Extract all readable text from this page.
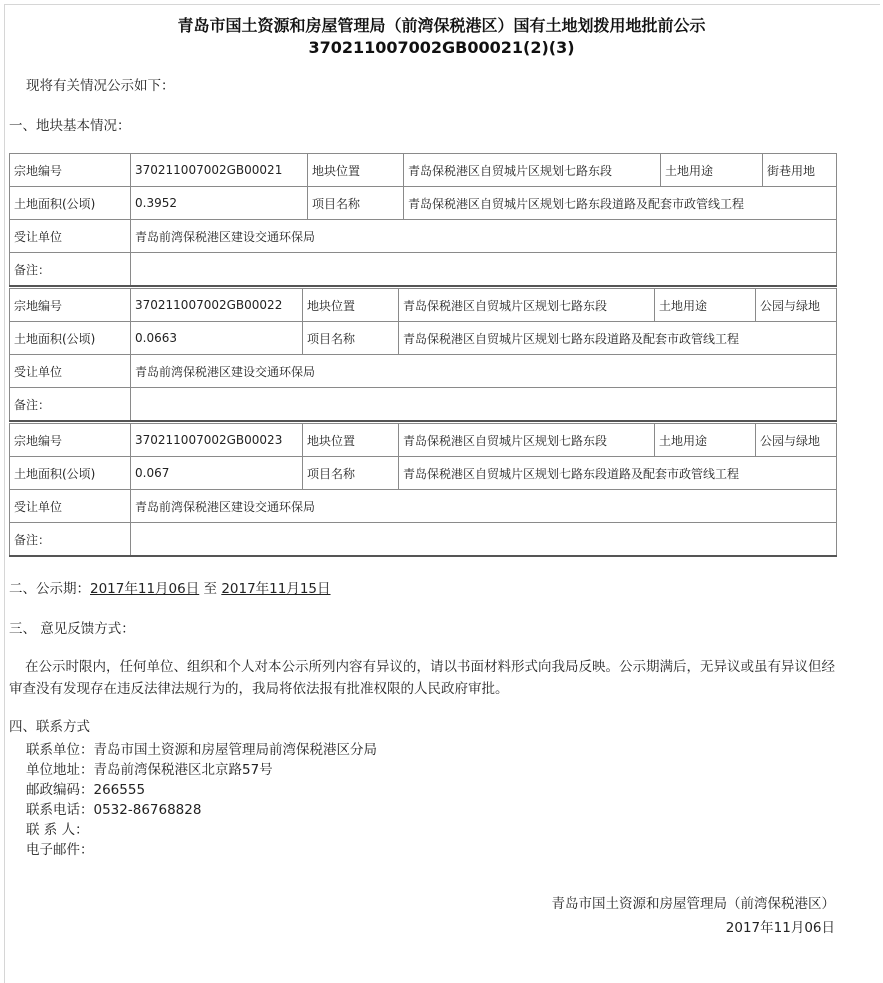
青岛市国土资源和房屋管理局（前湾保税港区）国有土地划拨用地批前公示
370211007002GB00021(2)(3)
现将有关情况公示如下：
一、地块基本情况：
宗地编号	370211007002GB00021	地块位置	青岛保税港区自贸城片区规划七路东段	土地用途	街巷用地
土地面积(公顷)	0.3952	项目名称	青岛保税港区自贸城片区规划七路东段道路及配套市政管线工程		
受让单位	青岛前湾保税港区建设交通环保局				
备注：					
宗地编号	370211007002GB00022	地块位置	青岛保税港区自贸城片区规划七路东段	土地用途	公园与绿地
土地面积(公顷)	0.0663	项目名称	青岛保税港区自贸城片区规划七路东段道路及配套市政管线工程		
受让单位	青岛前湾保税港区建设交通环保局				
备注：					
宗地编号	370211007002GB00023	地块位置	青岛保税港区自贸城片区规划七路东段	土地用途	公园与绿地
土地面积(公顷)	0.067	项目名称	青岛保税港区自贸城片区规划七路东段道路及配套市政管线工程		
受让单位	青岛前湾保税港区建设交通环保局				
备注：					
二、公示期：2017年11月06日 至 2017年11月15日
三、 意见反馈方式：
在公示时限内，任何单位、组织和个人对本公示所列内容有异议的，请以书面材料形式向我局反映。公示期满后，无异议或虽有异议但经审查没有发现存在违反法律法规行为的，我局将依法报有批准权限的人民政府审批。
四、联系方式
联系单位：青岛市国土资源和房屋管理局前湾保税港区分局
单位地址：青岛前湾保税港区北京路57号
邮政编码：266555
联系电话：0532-86768828
联 系 人：
电子邮件：
青岛市国土资源和房屋管理局（前湾保税港区）
2017年11月06日
